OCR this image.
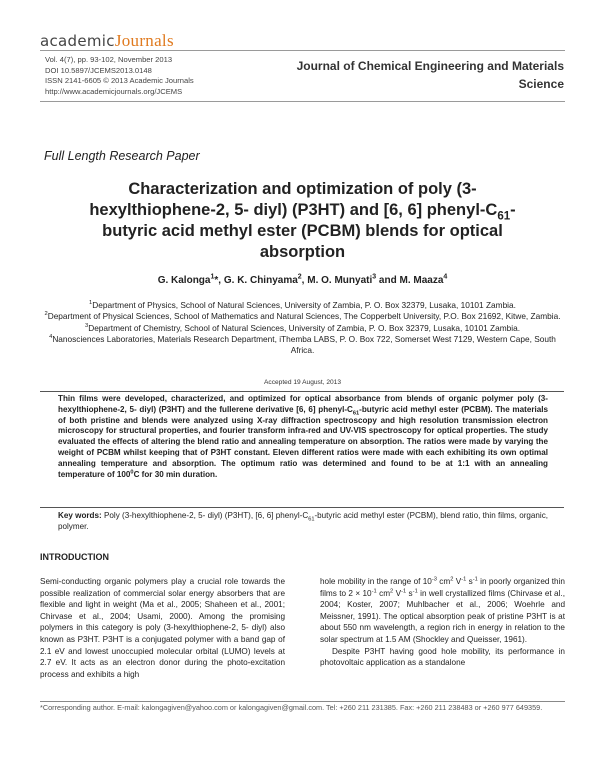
academicJournals
Vol. 4(7), pp. 93-102, November 2013
DOI 10.5897/JCEMS2013.0148
ISSN 2141-6605 © 2013 Academic Journals
http://www.academicjournals.org/JCEMS
Journal of Chemical Engineering and Materials
Science
Full Length Research Paper
Characterization and optimization of poly (3-
hexylthiophene-2, 5- diyl) (P3HT) and [6, 6] phenyl-$C_{61}-$
butyric acid methyl ester (PCBM) blends for optical
absorption
G. Kalonga$^1$*, G. K. Chinyama$^2$, M. O. Munyati$^3$ and M. Maaza$^4$
$^1$Department of Physics, School of Natural Sciences, University of Zambia, P. O. Box 32379, Lusaka, 10101 Zambia.
$^2$Department of Physical Sciences, School of Mathematics and Natural Sciences, The Copperbelt University, P.O. Box 21692, Kitwe, Zambia.
$^3$Department of Chemistry, School of Natural Sciences, University of Zambia, P. O. Box 32379, Lusaka, 10101 Zambia.
$^4$Nanosciences Laboratories, Materials Research Department, iThemba LABS, P. O. Box 722, Somerset West 7129, Western Cape, South Africa.
Accepted 19 August, 2013
Thin films were developed, characterized, and optimized for optical absorbance from blends of organic polymer poly (3-hexylthiophene-2, 5- diyl) (P3HT) and the fullerene derivative [6, 6] phenyl-$C_{61}$-butyric acid methyl ester (PCBM). The materials of both pristine and blends were analyzed using X-ray diffraction spectroscopy and high resolution transmission electron microscopy for structural properties, and fourier transform infra-red and UV-VIS spectroscopy for optical properties. The study evaluated the effects of altering the blend ratio and annealing temperature on absorption. The ratios were made by varying the weight of PCBM whilst keeping that of P3HT constant. Eleven different ratios were made with each exhibiting its own optimal annealing temperature and absorption. The optimum ratio was determined and found to be at 1:1 with an annealing temperature of $100^0C$ for 30 min duration.
Key words: Poly (3-hexylthiophene-2, 5- diyl) (P3HT), [6, 6] phenyl-$C_{61}$-butyric acid methyl ester (PCBM), blend ratio, thin films, organic, polymer.
INTRODUCTION

Semi-conducting organic polymers play a crucial role towards the possible realization of commercial solar energy absorbers that are flexible and light in weight (Ma et al., 2005; Shaheen et al., 2001; Chirvase et al., 2004; Usami, 2000). Among the promising polymers in this category is poly (3-hexylthiophene-2, 5- diyl) also known as P3HT. P3HT is a conjugated polymer with a band gap of 2.1 eV and lowest unoccupied molecular orbital (LUMO) levels at 2.7 eV. It acts as an electron donor during the photo-excitation process and exhibits a high

hole mobility in the range of $10^{-3}$ $cm^2$ $V^{-1}$ $s^{-1}$ in poorly organized thin films to $2 \times 10^{-1}$ $cm^2$ $V^{-1}$ $s^{-1}$ in well crystallized films (Chirvase et al., 2004; Koster, 2007; Muhlbacher et al., 2006; Woehrle and Meissner, 1991). The optical absorption peak of pristine P3HT is at about 550 nm wavelength, a region rich in energy in relation to the solar spectrum at 1.5 AM (Shockley and Queisser, 1961).

Despite P3HT having good hole mobility, its performance in photovoltaic application as a standalone

*Corresponding author. E-mail: kalongagiven@yahoo.com or kalongagiven@gmail.com. Tel: +260 211 231385. Fax: +260 211 238483 or +260 977 649359.
